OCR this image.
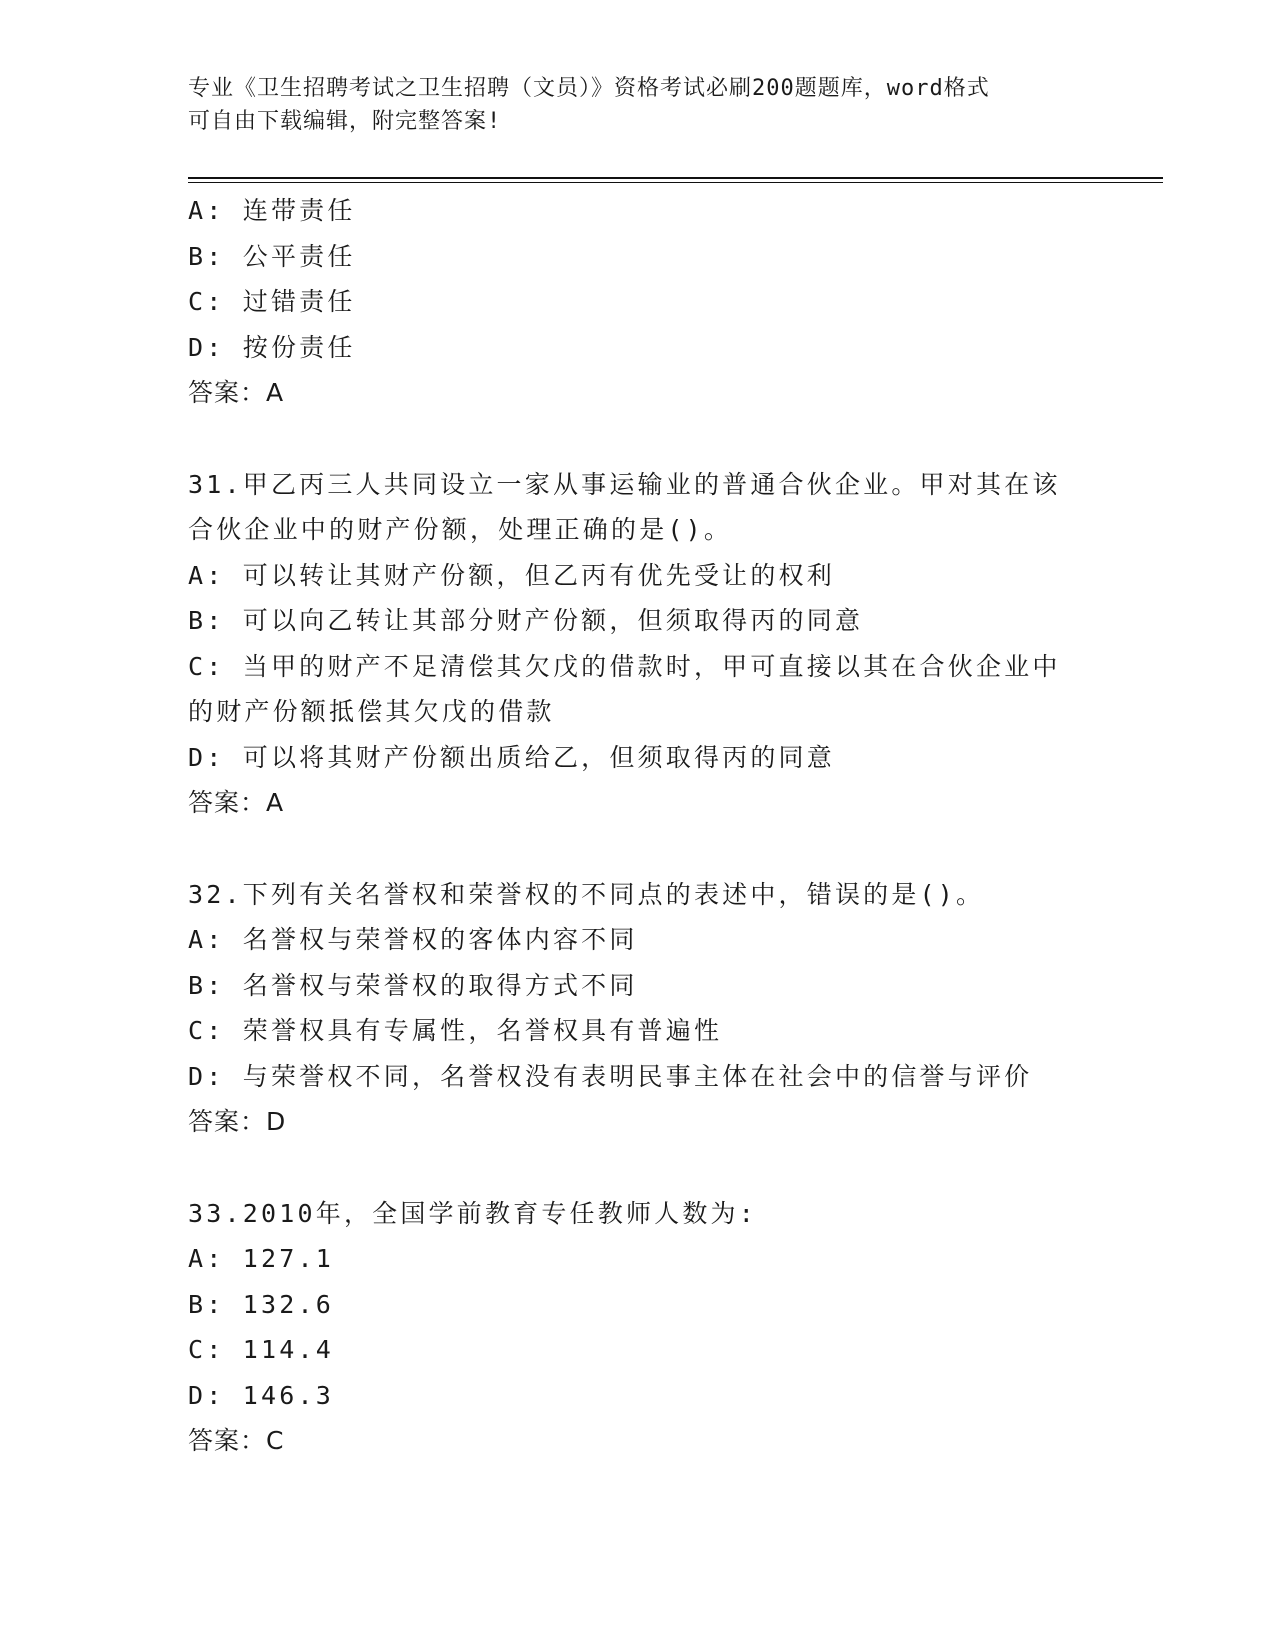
专业《卫生招聘考试之卫生招聘（文员）》资格考试必刷200题题库，word格式
可自由下载编辑，附完整答案!
A: 连带责任
B: 公平责任
C: 过错责任
D: 按份责任
答案：A
31.甲乙丙三人共同设立一家从事运输业的普通合伙企业。甲对其在该
合伙企业中的财产份额，处理正确的是()。
A: 可以转让其财产份额，但乙丙有优先受让的权利
B: 可以向乙转让其部分财产份额，但须取得丙的同意
C: 当甲的财产不足清偿其欠戊的借款时，甲可直接以其在合伙企业中
的财产份额抵偿其欠戊的借款
D: 可以将其财产份额出质给乙，但须取得丙的同意
答案：A
32.下列有关名誉权和荣誉权的不同点的表述中，错误的是()。
A: 名誉权与荣誉权的客体内容不同
B: 名誉权与荣誉权的取得方式不同
C: 荣誉权具有专属性，名誉权具有普遍性
D: 与荣誉权不同，名誉权没有表明民事主体在社会中的信誉与评价
答案：D
33.2010年，全国学前教育专任教师人数为:
A: 127.1
B: 132.6
C: 114.4
D: 146.3
答案：C
